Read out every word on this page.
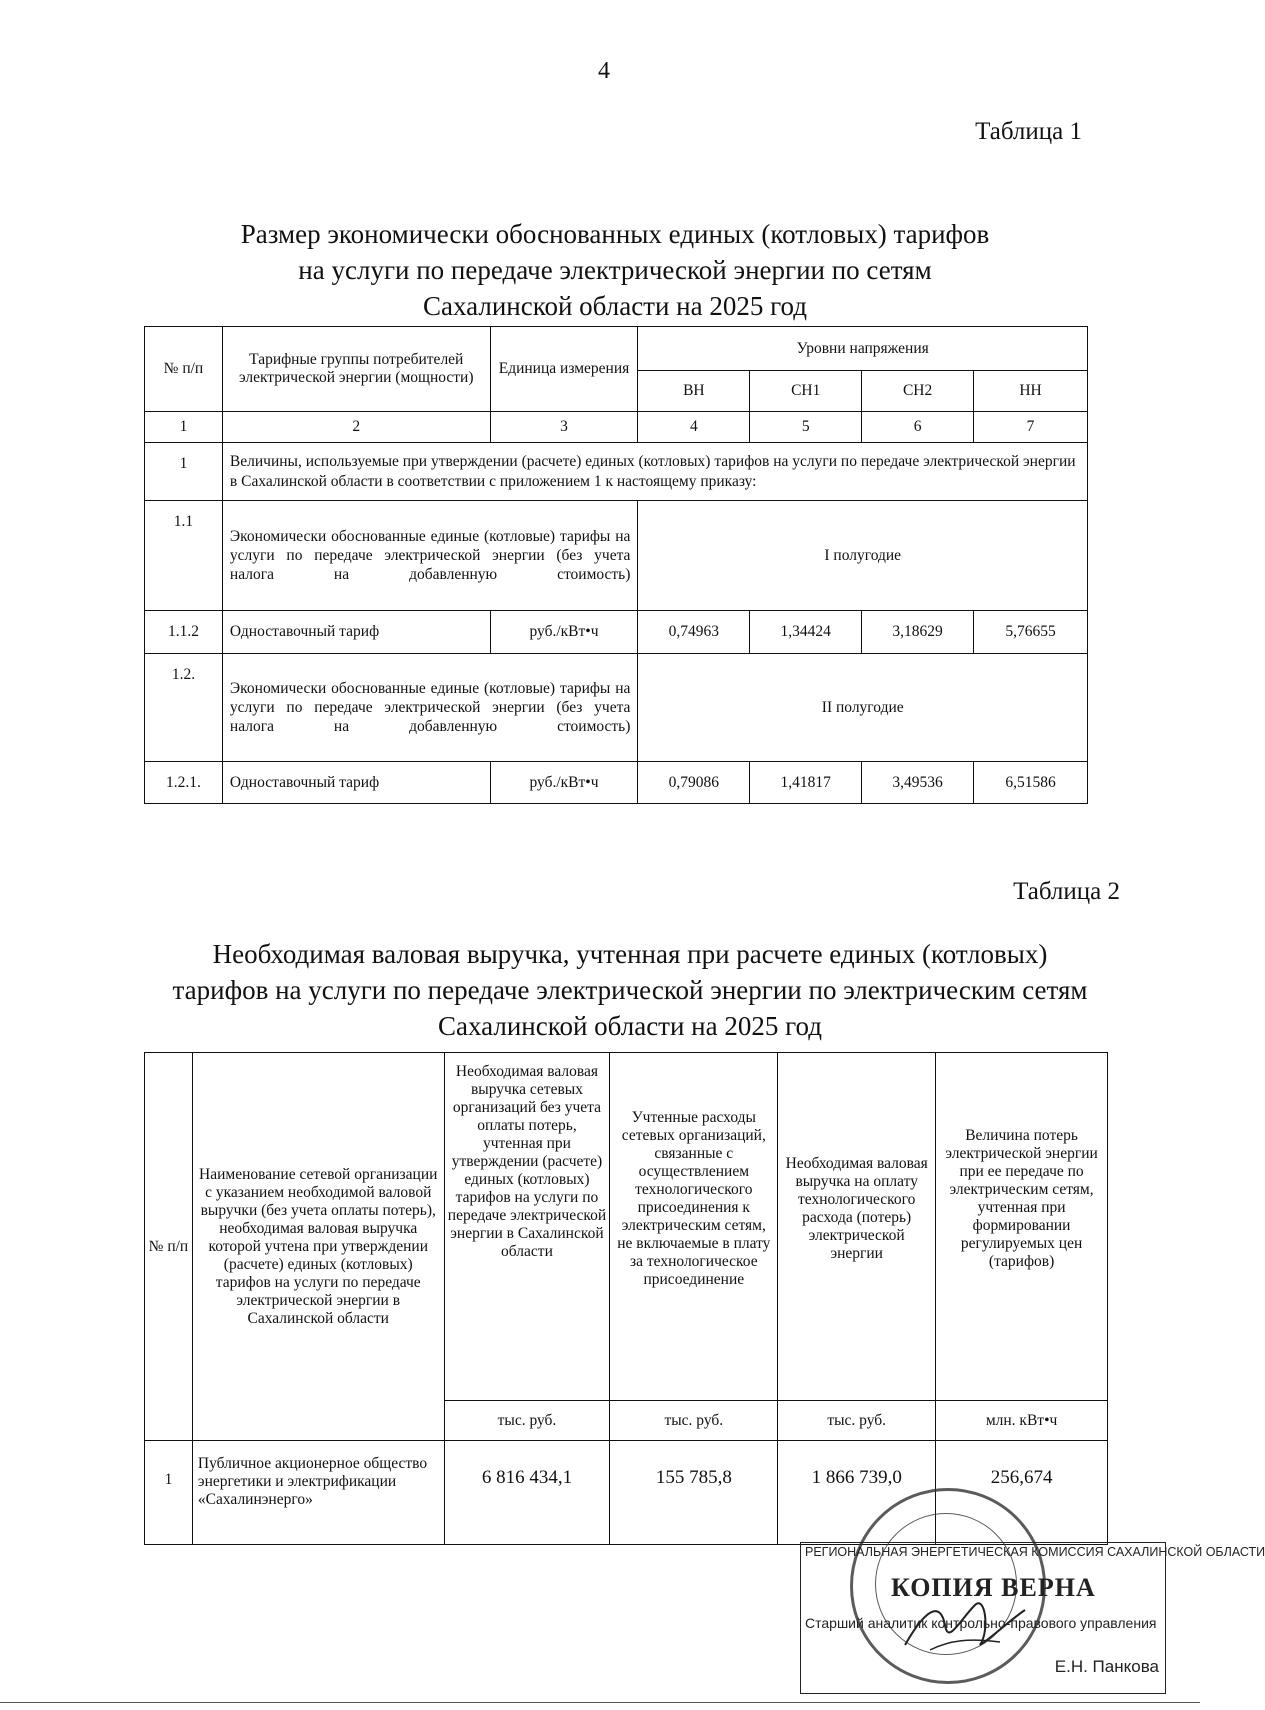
4
Таблица 1
Размер экономически обоснованных единых (котловых) тарифов
на услуги по передаче электрической энергии по сетям
Сахалинской области на 2025 год
№ п/п	Тарифные группы потребителей электрической энергии (мощности)	Единица измерения	Уровни напряжения			
			ВН	СН1	СН2	НН
1	2	3	4	5	6	7
1	Величины, используемые при утверждении (расчете) единых (котловых) тарифов на услуги по передаче электрической энергии в Сахалинской области в соответствии с приложением 1 к настоящему приказу:					
1.1	Экономически обоснованные единые (котловые) тарифы на услуги по передаче электрической энергии (без учета налога на добавленную стоимость)		I полугодие			
1.1.2	Одноставочный тариф	руб./кВт•ч	0,74963	1,34424	3,18629	5,76655
1.2.	Экономически обоснованные единые (котловые) тарифы на услуги по передаче электрической энергии (без учета налога на добавленную стоимость)		II полугодие			
1.2.1.	Одноставочный тариф	руб./кВт•ч	0,79086	1,41817	3,49536	6,51586
Таблица 2
Необходимая валовая выручка, учтенная при расчете единых (котловых)
тарифов на услуги по передаче электрической энергии по электрическим сетям
Сахалинской области на 2025 год
№ п/п	Наименование сетевой организации с указанием необходимой валовой выручки (без учета оплаты потерь), необходимая валовая выручка которой учтена при утверждении (расчете) единых (котловых) тарифов на услуги по передаче электрической энергии в Сахалинской области	Необходимая валовая выручка сетевых организаций без учета оплаты потерь, учтенная при утверждении (расчете) единых (котловых) тарифов на услуги по передаче электрической энергии в Сахалинской области	Учтенные расходы сетевых организаций, связанные с осуществлением технологического присоединения к электрическим сетям, не включаемые в плату за технологическое присоединение	Необходимая валовая выручка на оплату технологического расхода (потерь) электрической энергии	Величина потерь электрической энергии при ее передаче по электрическим сетям, учтенная при формировании регулируемых цен (тарифов)
		тыс. руб.	тыс. руб.	тыс. руб.	млн. кВт•ч
1	Публичное акционерное общество энергетики и электрификации «Сахалинэнерго»	6 816 434,1	155 785,8	1 866 739,0	256,674
РЕГИОНАЛЬНАЯ ЭНЕРГЕТИЧЕСКАЯ КОМИССИЯ САХАЛИНСКОЙ ОБЛАСТИ
КОПИЯ ВЕРНА
Старший аналитик контрольно-правового управления
Е.Н. Панкова
